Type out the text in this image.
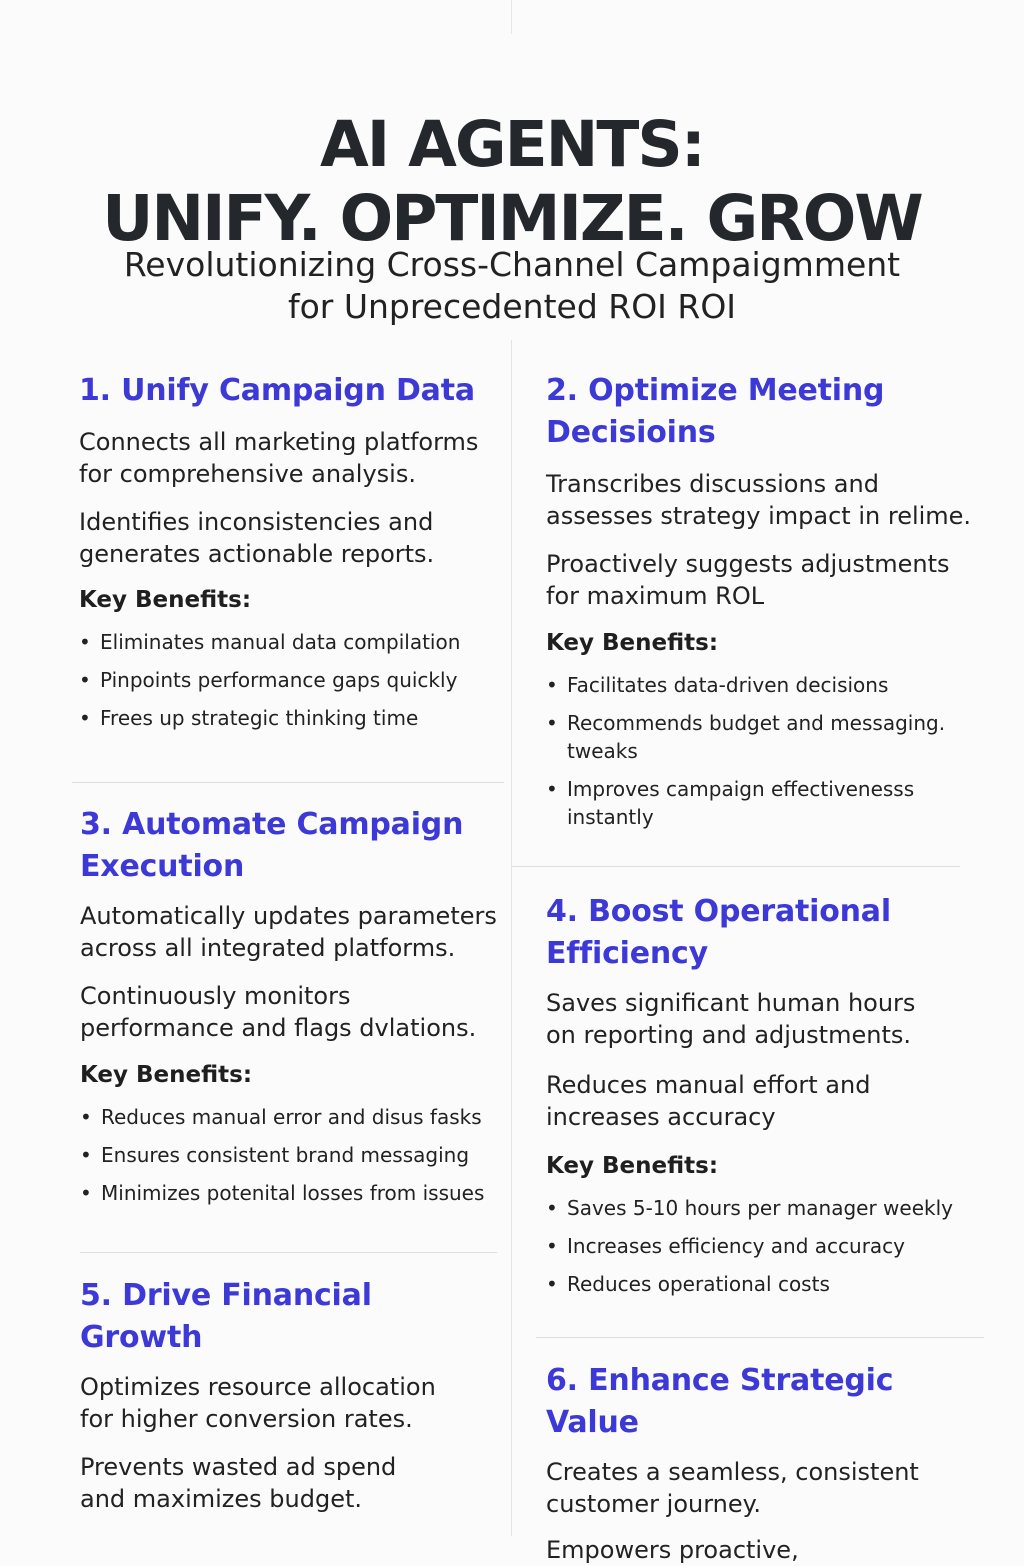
AI AGENTS:
UNIFY. OPTIMIZE. GROW
Revolutionizing Cross-Channel Campaigmment
for Unprecedented ROI ROI
1. Unify Campaign Data

Connects all marketing platforms
for comprehensive analysis.

Identifies inconsistencies and
generates actionable reports.

Key Benefits:
• Eliminates manual data compilation
• Pinpoints performance gaps quickly
• Frees up strategic thinking time
2. Optimize Meeting
Decisioins

Transcribes discussions and
assesses strategy impact in relime.

Proactively suggests adjustments
for maximum ROL

Key Benefits:
• Facilitates data-driven decisions
• Recommends budget and messaging.
tweaks
• Improves campaign effectivenesss
instantly
3. Automate Campaign
Execution

Automatically updates parameters
across all integrated platforms.

Continuously monitors
performance and flags dvlations.

Key Benefits:
• Reduces manual error and disus fasks
• Ensures consistent brand messaging
• Minimizes potenital losses from issues
4. Boost Operational
Efficiency

Saves significant human hours
on reporting and adjustments.

Reduces manual effort and
increases accuracy

Key Benefits:
• Saves 5-10 hours per manager weekly
• Increases efficiency and accuracy
• Reduces operational costs
5. Drive Financial Growth

Optimizes resource allocation
for higher conversion rates.

Prevents wasted ad spend
and maximizes budget.

6. Enhance Strategic Value

Creates a seamless, consistent
customer journey.

Empowers proactive,
